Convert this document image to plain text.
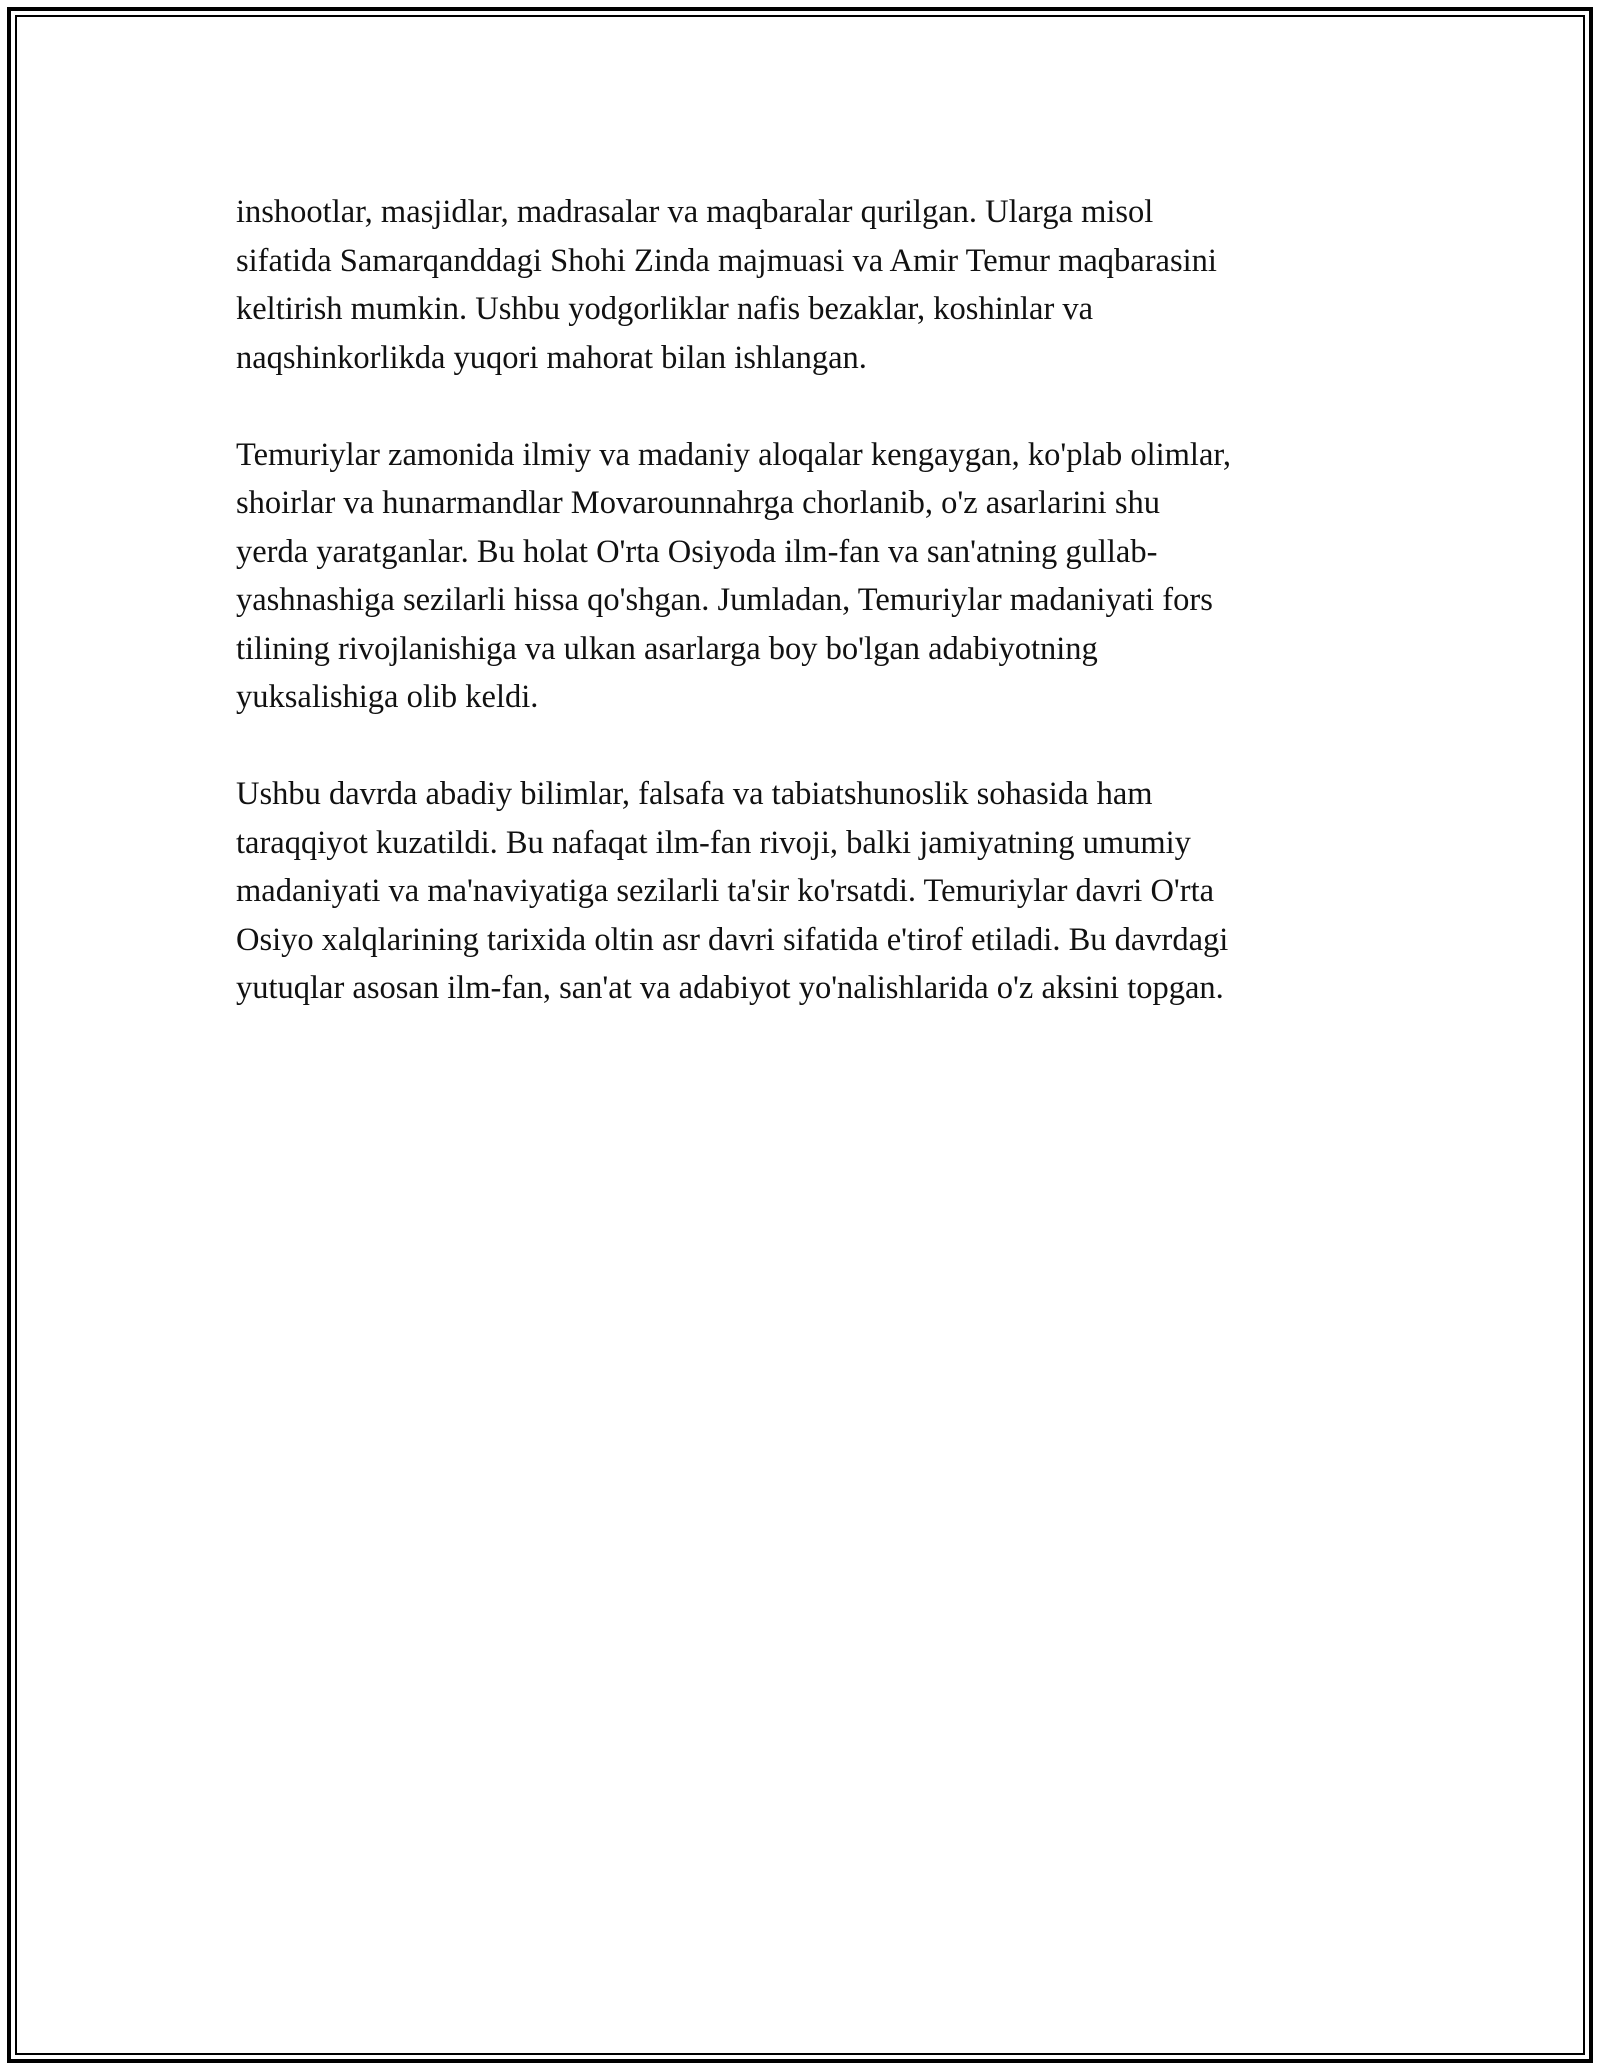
inshootlar, masjidlar, madrasalar va maqbaralar qurilgan. Ularga misol
sifatida Samarqanddagi Shohi Zinda majmuasi va Amir Temur maqbarasini
keltirish mumkin. Ushbu yodgorliklar nafis bezaklar, koshinlar va
naqshinkorlikda yuqori mahorat bilan ishlangan.

Temuriylar zamonida ilmiy va madaniy aloqalar kengaygan, ko'plab olimlar,
shoirlar va hunarmandlar Movarounnahrga chorlanib, o'z asarlarini shu
yerda yaratganlar. Bu holat O'rta Osiyoda ilm-fan va san'atning gullab-
yashnashiga sezilarli hissa qo'shgan. Jumladan, Temuriylar madaniyati fors
tilining rivojlanishiga va ulkan asarlarga boy bo'lgan adabiyotning
yuksalishiga olib keldi.

Ushbu davrda abadiy bilimlar, falsafa va tabiatshunoslik sohasida ham
taraqqiyot kuzatildi. Bu nafaqat ilm-fan rivoji, balki jamiyatning umumiy
madaniyati va ma'naviyatiga sezilarli ta'sir ko'rsatdi. Temuriylar davri O'rta
Osiyo xalqlarining tarixida oltin asr davri sifatida e'tirof etiladi. Bu davrdagi
yutuqlar asosan ilm-fan, san'at va adabiyot yo'nalishlarida o'z aksini topgan.
